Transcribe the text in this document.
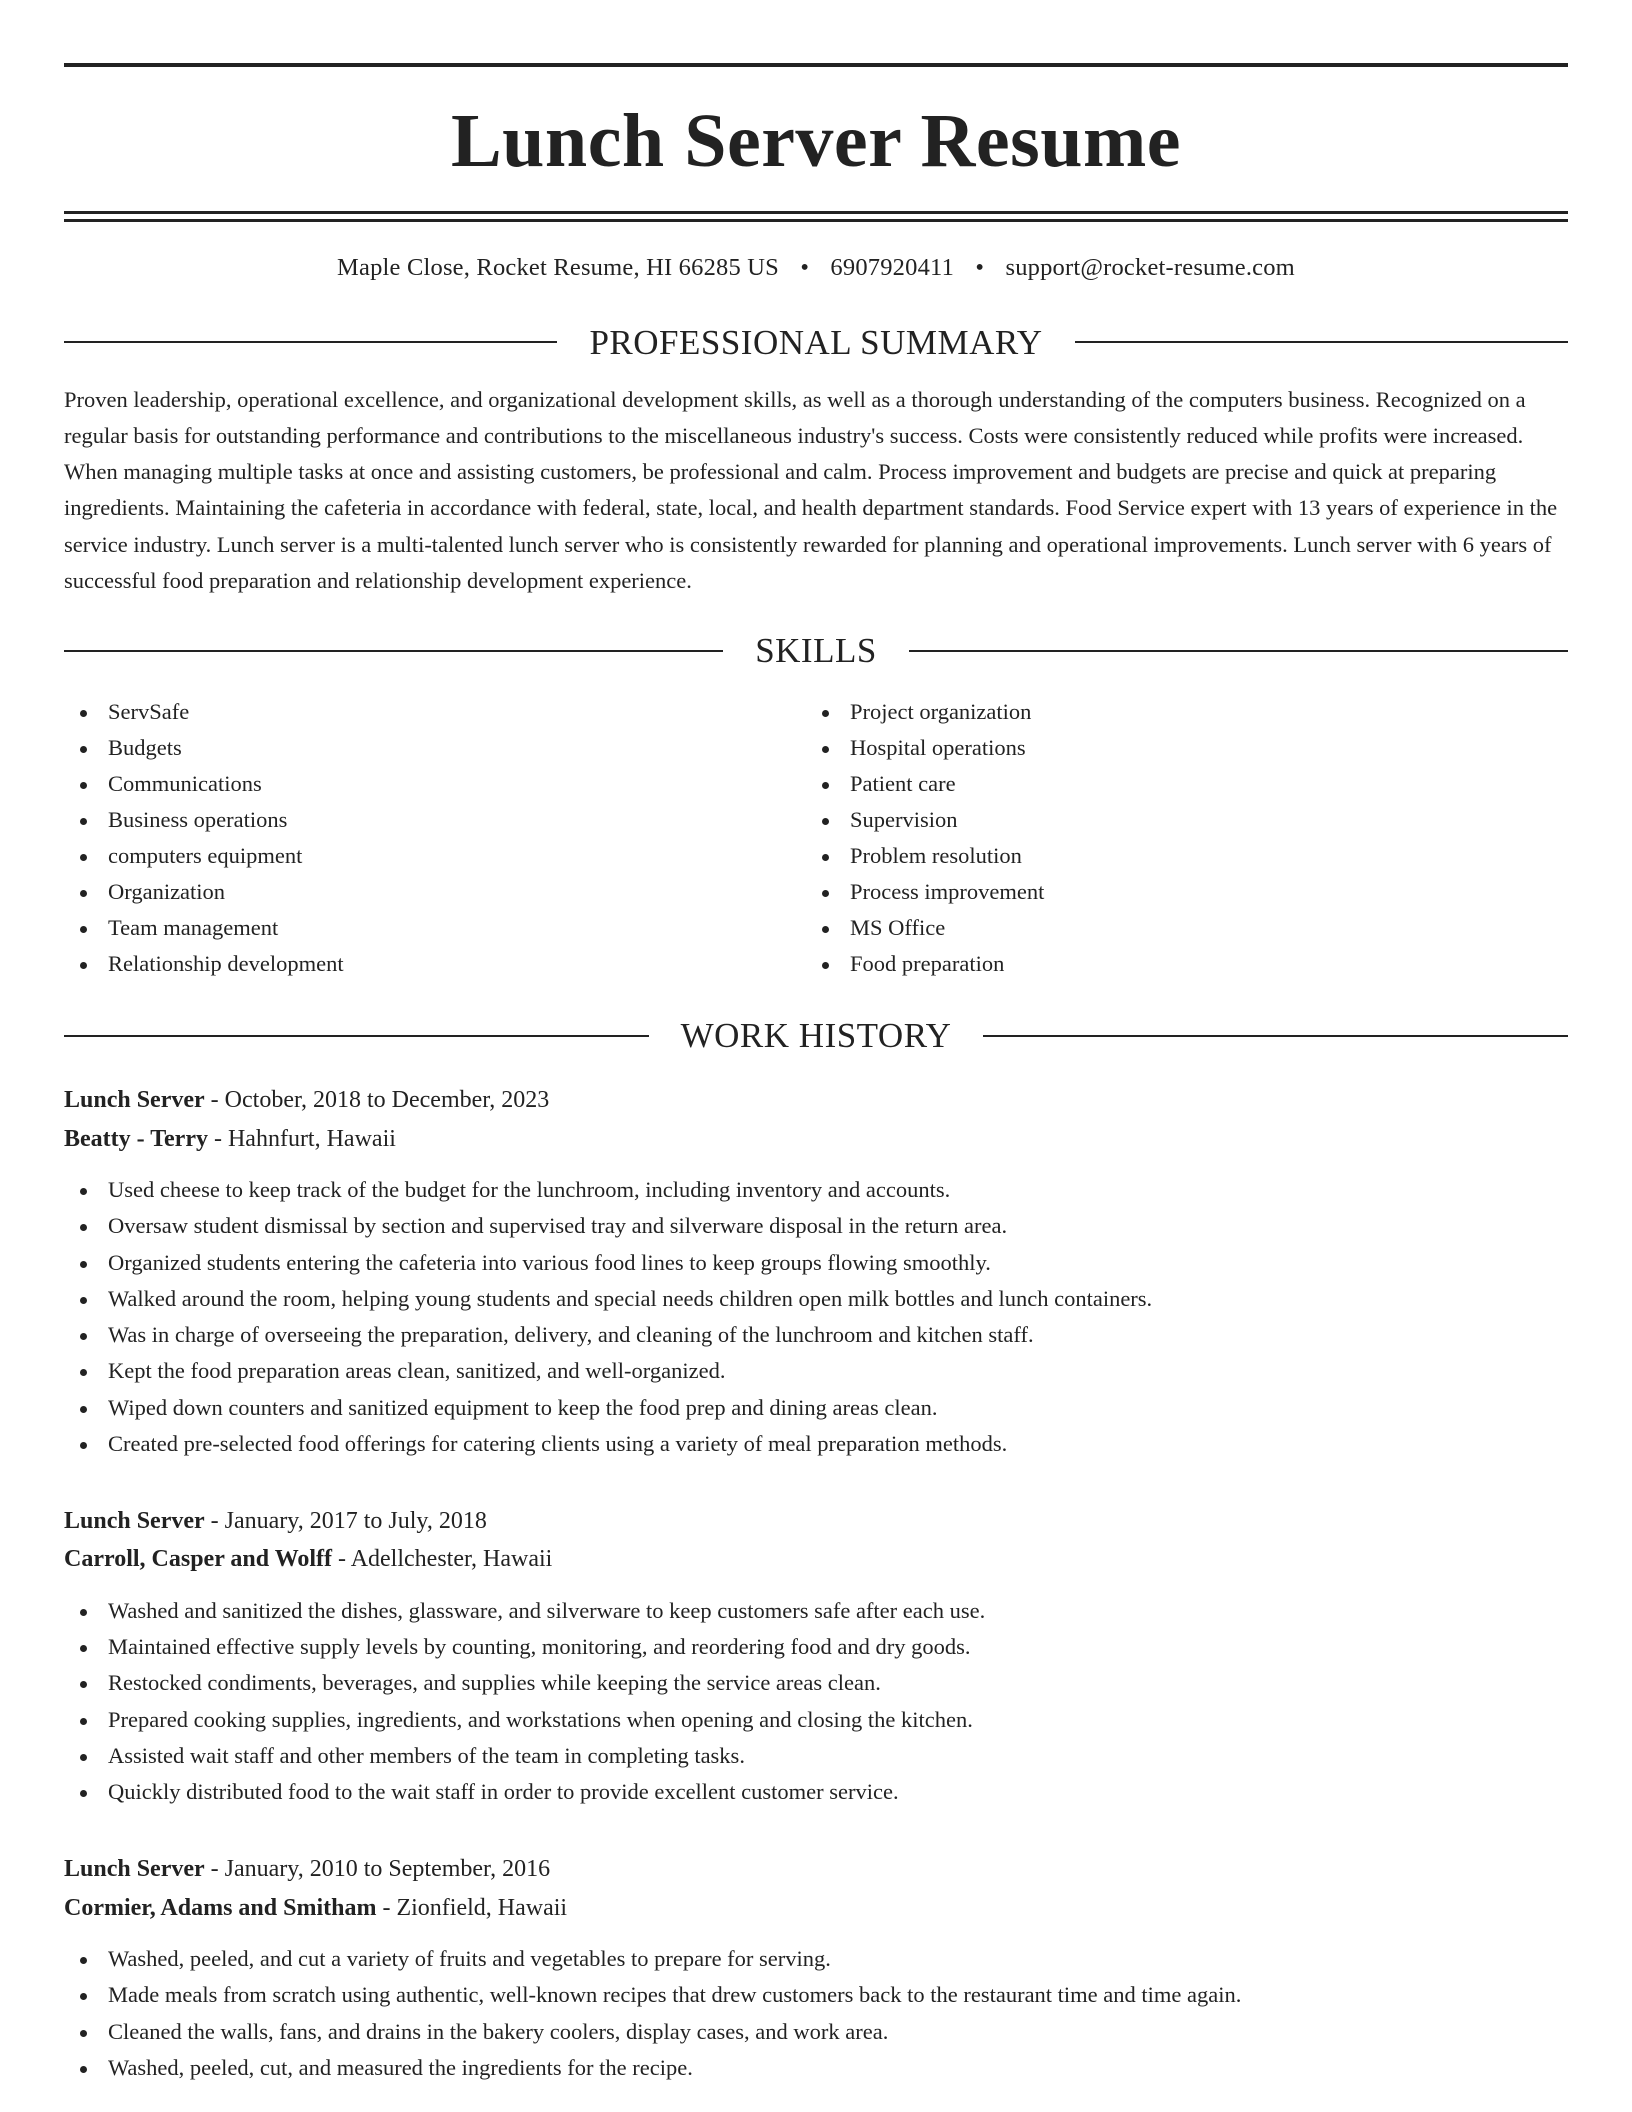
Lunch Server Resume
Maple Close, Rocket Resume, HI 66285 US • 6907920411 • support@rocket-resume.com
PROFESSIONAL SUMMARY

Proven leadership, operational excellence, and organizational development skills, as well as a thorough understanding of the computers business. Recognized on a regular basis for outstanding performance and contributions to the miscellaneous industry's success. Costs were consistently reduced while profits were increased. When managing multiple tasks at once and assisting customers, be professional and calm. Process improvement and budgets are precise and quick at preparing ingredients. Maintaining the cafeteria in accordance with federal, state, local, and health department standards. Food Service expert with 13 years of experience in the service industry. Lunch server is a multi-talented lunch server who is consistently rewarded for planning and operational improvements. Lunch server with 6 years of successful food preparation and relationship development experience.

SKILLS
ServSafe
Budgets
Communications
Business operations
computers equipment
Organization
Team management
Relationship development
Project organization
Hospital operations
Patient care
Supervision
Problem resolution
Process improvement
MS Office
Food preparation
WORK HISTORY
Lunch Server - October, 2018 to December, 2023
Beatty - Terry - Hahnfurt, Hawaii
Used cheese to keep track of the budget for the lunchroom, including inventory and accounts.
Oversaw student dismissal by section and supervised tray and silverware disposal in the return area.
Organized students entering the cafeteria into various food lines to keep groups flowing smoothly.
Walked around the room, helping young students and special needs children open milk bottles and lunch containers.
Was in charge of overseeing the preparation, delivery, and cleaning of the lunchroom and kitchen staff.
Kept the food preparation areas clean, sanitized, and well-organized.
Wiped down counters and sanitized equipment to keep the food prep and dining areas clean.
Created pre-selected food offerings for catering clients using a variety of meal preparation methods.
Lunch Server - January, 2017 to July, 2018
Carroll, Casper and Wolff - Adellchester, Hawaii
Washed and sanitized the dishes, glassware, and silverware to keep customers safe after each use.
Maintained effective supply levels by counting, monitoring, and reordering food and dry goods.
Restocked condiments, beverages, and supplies while keeping the service areas clean.
Prepared cooking supplies, ingredients, and workstations when opening and closing the kitchen.
Assisted wait staff and other members of the team in completing tasks.
Quickly distributed food to the wait staff in order to provide excellent customer service.
Lunch Server - January, 2010 to September, 2016
Cormier, Adams and Smitham - Zionfield, Hawaii
Washed, peeled, and cut a variety of fruits and vegetables to prepare for serving.
Made meals from scratch using authentic, well-known recipes that drew customers back to the restaurant time and time again.
Cleaned the walls, fans, and drains in the bakery coolers, display cases, and work area.
Washed, peeled, cut, and measured the ingredients for the recipe.
